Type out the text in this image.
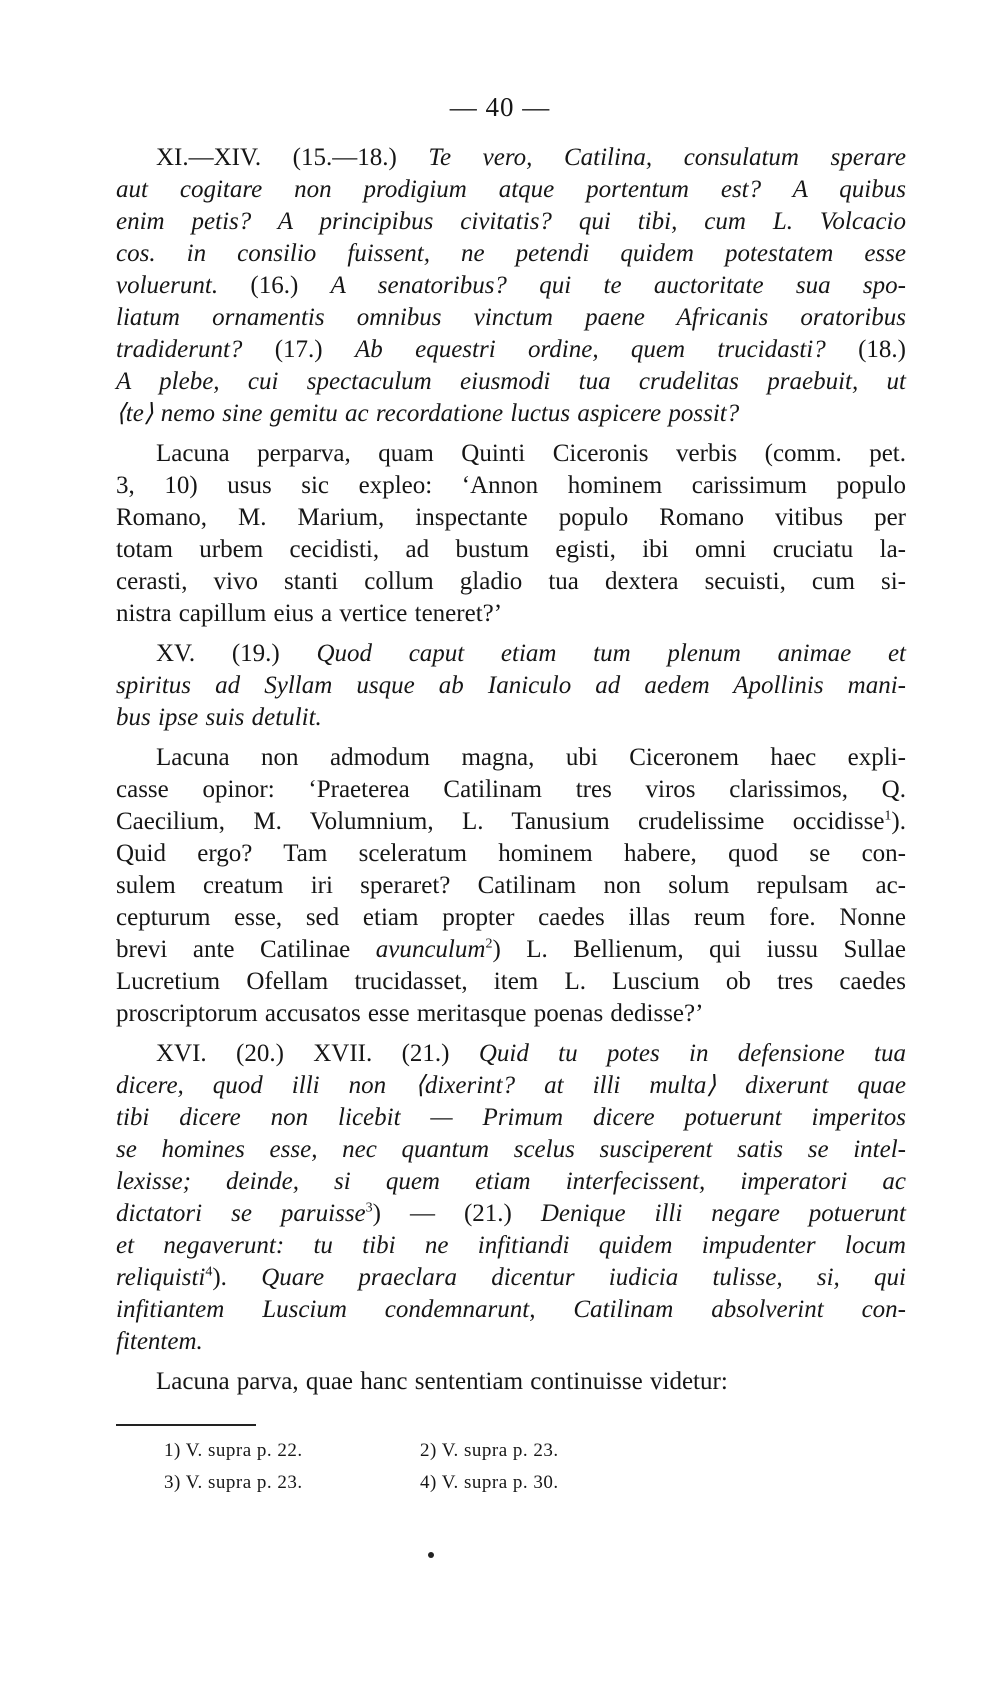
— 40 —
XI.—XIV. (15.—18.) Te vero, Catilina, consulatum sperare
aut cogitare non prodigium atque portentum est? A quibus
enim petis? A principibus civitatis? qui tibi, cum L. Volcacio
cos. in consilio fuissent, ne petendi quidem potestatem esse
voluerunt. (16.) A senatoribus? qui te auctoritate sua spo-
liatum ornamentis omnibus vinctum paene Africanis oratoribus
tradiderunt? (17.) Ab equestri ordine, quem trucidasti? (18.)
A plebe, cui spectaculum eiusmodi tua crudelitas praebuit, ut
⟨te⟩ nemo sine gemitu ac recordatione luctus aspicere possit?
Lacuna perparva, quam Quinti Ciceronis verbis (comm. pet.
3, 10) usus sic expleo: ‘Annon hominem carissimum populo
Romano, M. Marium, inspectante populo Romano vitibus per
totam urbem cecidisti, ad bustum egisti, ibi omni cruciatu la-
cerasti, vivo stanti collum gladio tua dextera secuisti, cum si-
nistra capillum eius a vertice teneret?’
XV. (19.) Quod caput etiam tum plenum animae et
spiritus ad Syllam usque ab Ianiculo ad aedem Apollinis mani-
bus ipse suis detulit.
Lacuna non admodum magna, ubi Ciceronem haec expli-
casse opinor: ‘Praeterea Catilinam tres viros clarissimos, Q.
Caecilium, M. Volumnium, L. Tanusium crudelissime occidisse$^1$).
Quid ergo? Tam sceleratum hominem habere, quod se con-
sulem creatum iri speraret? Catilinam non solum repulsam ac-
cepturum esse, sed etiam propter caedes illas reum fore. Nonne
brevi ante Catilinae avunculum$^2$) L. Bellienum, qui iussu Sullae
Lucretium Ofellam trucidasset, item L. Luscium ob tres caedes
proscriptorum accusatos esse meritasque poenas dedisse?’
XVI. (20.) XVII. (21.) Quid tu potes in defensione tua
dicere, quod illi non ⟨dixerint? at illi multa⟩ dixerunt quae
tibi dicere non licebit — Primum dicere potuerunt imperitos
se homines esse, nec quantum scelus susciperent satis se intel-
lexisse; deinde, si quem etiam interfecissent, imperatori ac
dictatori se paruisse$^3$) — (21.) Denique illi negare potuerunt
et negaverunt: tu tibi ne infitiandi quidem impudenter locum
reliquisti$^4$). Quare praeclara dicentur iudicia tulisse, si, qui
infitiantem Luscium condemnarunt, Catilinam absolverint con-
fitentem.
Lacuna parva, quae hanc sententiam continuisse videtur:
1) V. supra p. 22.	2) V. supra p. 23.
3) V. supra p. 23.	4) V. supra p. 30.
